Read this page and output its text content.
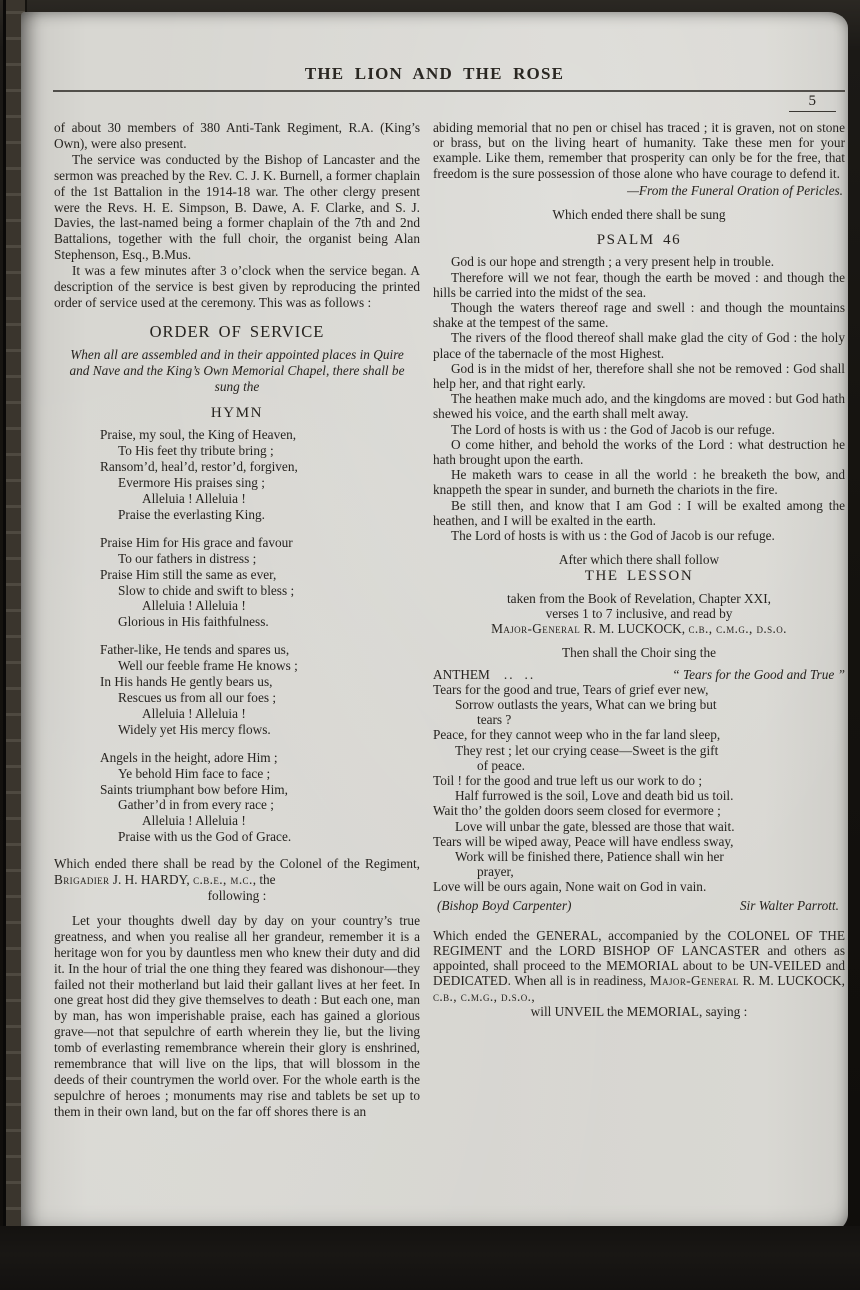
THE LION AND THE ROSE
5

of about 30 members of 380 Anti-Tank Regiment, R.A. (King’s Own), were also present.

The service was conducted by the Bishop of Lancaster and the sermon was preached by the Rev. C. J. K. Burnell, a former chaplain of the 1st Battalion in the 1914-18 war. The other clergy present were the Revs. H. E. Simpson, B. Dawe, A. F. Clarke, and S. J. Davies, the last-named being a former chaplain of the 7th and 2nd Battalions, together with the full choir, the organist being Alan Stephenson, Esq., B.Mus.

It was a few minutes after 3 o’clock when the service began. A description of the service is best given by reproducing the printed order of service used at the ceremony. This was as follows :

ORDER OF SERVICE

When all are assembled and in their appointed places in Quire and Nave and the King’s Own Memorial Chapel, there shall be sung the

HYMN
Praise, my soul, the King of Heaven,
To His feet thy tribute bring ;
Ransom’d, heal’d, restor’d, forgiven,
Evermore His praises sing ;
Alleluia ! Alleluia !
Praise the everlasting King.
Praise Him for His grace and favour
To our fathers in distress ;
Praise Him still the same as ever,
Slow to chide and swift to bless ;
Alleluia ! Alleluia !
Glorious in His faithfulness.
Father-like, He tends and spares us,
Well our feeble frame He knows ;
In His hands He gently bears us,
Rescues us from all our foes ;
Alleluia ! Alleluia !
Widely yet His mercy flows.
Angels in the height, adore Him ;
Ye behold Him face to face ;
Saints triumphant bow before Him,
Gather’d in from every race ;
Alleluia ! Alleluia !
Praise with us the God of Grace.

Which ended there shall be read by the Colonel of the Regiment, Brigadier J. H. HARDY, c.b.e., m.c., the

following :

Let your thoughts dwell day by day on your country’s true greatness, and when you realise all her grandeur, remember it is a heritage won for you by dauntless men who knew their duty and did it. In the hour of trial the one thing they feared was dishonour—they failed not their motherland but laid their gallant lives at her feet. In one great host did they give themselves to death : But each one, man by man, has won imperishable praise, each has gained a glorious grave—not that sepulchre of earth wherein they lie, but the living tomb of everlasting remembrance wherein their glory is enshrined, remembrance that will live on the lips, that will blossom in the deeds of their countrymen the world over. For the whole earth is the sepulchre of heroes ; monuments may rise and tablets be set up to them in their own land, but on the far off shores there is an

abiding memorial that no pen or chisel has traced ; it is graven, not on stone or brass, but on the living heart of humanity. Take these men for your example. Like them, remember that prosperity can only be for the free, that freedom is the sure possession of those alone who have courage to defend it.

—From the Funeral Oration of Pericles.

Which ended there shall be sung
PSALM 46

God is our hope and strength ; a very present help in trouble.

Therefore will we not fear, though the earth be moved : and though the hills be carried into the midst of the sea.

Though the waters thereof rage and swell : and though the mountains shake at the tempest of the same.

The rivers of the flood thereof shall make glad the city of God : the holy place of the tabernacle of the most Highest.

God is in the midst of her, therefore shall she not be removed : God shall help her, and that right early.

The heathen make much ado, and the kingdoms are moved : but God hath shewed his voice, and the earth shall melt away.

The Lord of hosts is with us : the God of Jacob is our refuge.

O come hither, and behold the works of the Lord : what destruction he hath brought upon the earth.

He maketh wars to cease in all the world : he breaketh the bow, and knappeth the spear in sunder, and burneth the chariots in the fire.

Be still then, and know that I am God : I will be exalted among the heathen, and I will be exalted in the earth.

The Lord of hosts is with us : the God of Jacob is our refuge.

After which there shall follow
THE LESSON
taken from the Book of Revelation, Chapter XXI,
verses 1 to 7 inclusive, and read by
Major-General R. M. LUCKOCK, c.b., c.m.g., d.s.o.
Then shall the Choir sing the
ANTHEM .. ..	“ Tears for the Good and True ”
Tears for the good and true, Tears of grief ever new,
Sorrow outlasts the years, What can we bring but
tears ?
Peace, for they cannot weep who in the far land sleep,
They rest ; let our crying cease—Sweet is the gift
of peace.
Toil ! for the good and true left us our work to do ;
Half furrowed is the soil, Love and death bid us toil.
Wait tho’ the golden doors seem closed for evermore ;
Love will unbar the gate, blessed are those that wait.
Tears will be wiped away, Peace will have endless sway,
Work will be finished there, Patience shall win her
prayer,
Love will be ours again, None wait on God in vain.
(Bishop Boyd Carpenter)	Sir Walter Parrott.

Which ended the GENERAL, accompanied by the COLONEL OF THE REGIMENT and the LORD BISHOP OF LANCASTER and others as appointed, shall proceed to the MEMORIAL about to be UN-VEILED and DEDICATED. When all is in readiness, Major-General R. M. LUCKOCK, c.b., c.m.g., d.s.o.,

will UNVEIL the MEMORIAL, saying :
